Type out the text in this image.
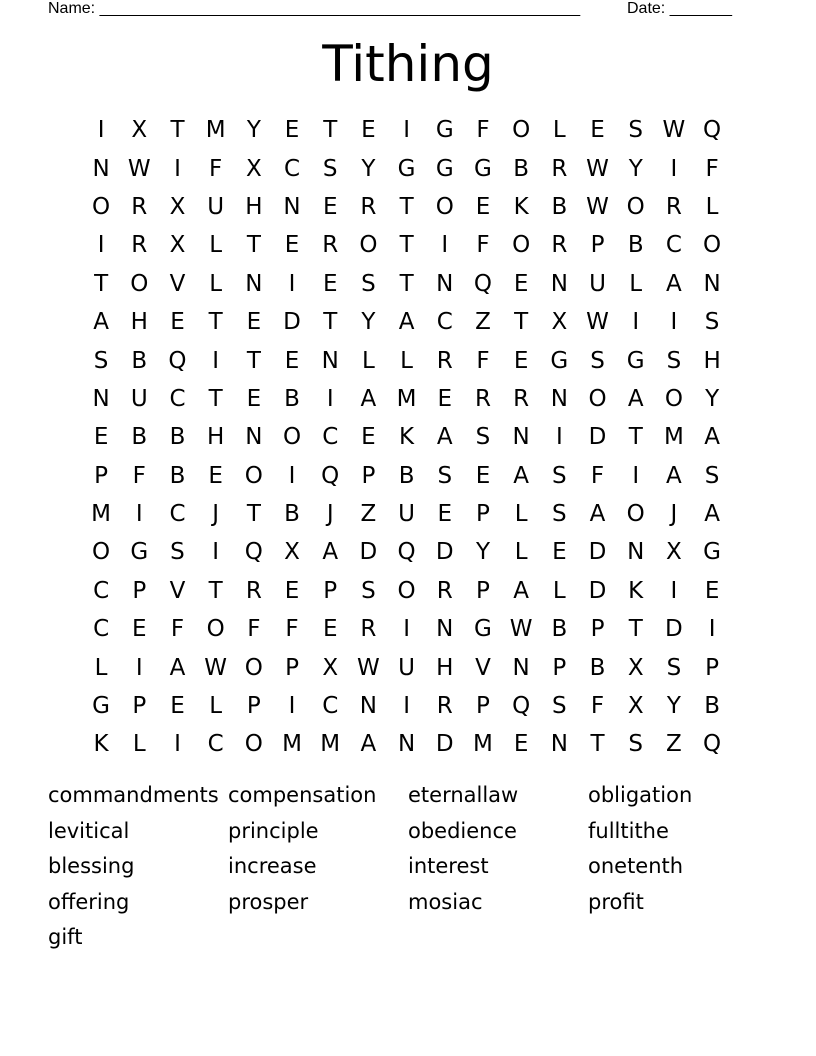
Name: ______________________________________________________	Date: _______
Tithing
I	X	T M Y	E	T	E	I	G F O L	E	S W Q
N W	I	F	X C S	Y G G G B R W Y	I	F
O R X U H N E R	T O E	K B W O R	L
I	R X	L	T	E R O T	I	F O R	P	B C O
T O V	L	N	I	E	S	T N Q E N U	L	A N
A H E	T	E D T	Y	A C Z	T	X W	I	I	S
S	B Q	I	T	E N	L	L	R	F	E G S G S H
N U C	T	E	B	I	A M E R R N O A O Y
E	B B H N O C E	K A	S N	I	D T M A
P	F	B	E O	I	Q P	B S	E	A	S	F	I	A	S
M	I	C	J	T	B	J	Z U E	P	L	S	A O	J	A
O G S	I	Q X A D Q D Y	L	E D N X G
C	P	V	T	R E	P	S O R	P	A	L D K	I	E
C E	F O F	F	E R	I	N G W B	P	T D	I
L	I	A W O P	X W U H V N P	B X	S	P
G P	E	L	P	I	C N	I	R	P Q S	F	X	Y	B
K	L	I	C O M M A N D M E N T	S	Z Q
commandments compensation	eternallaw	obligation
levitical	principle	obedience	fulltithe
blessing	increase	interest	onetenth
offering	prosper	mosiac	profit
gift
